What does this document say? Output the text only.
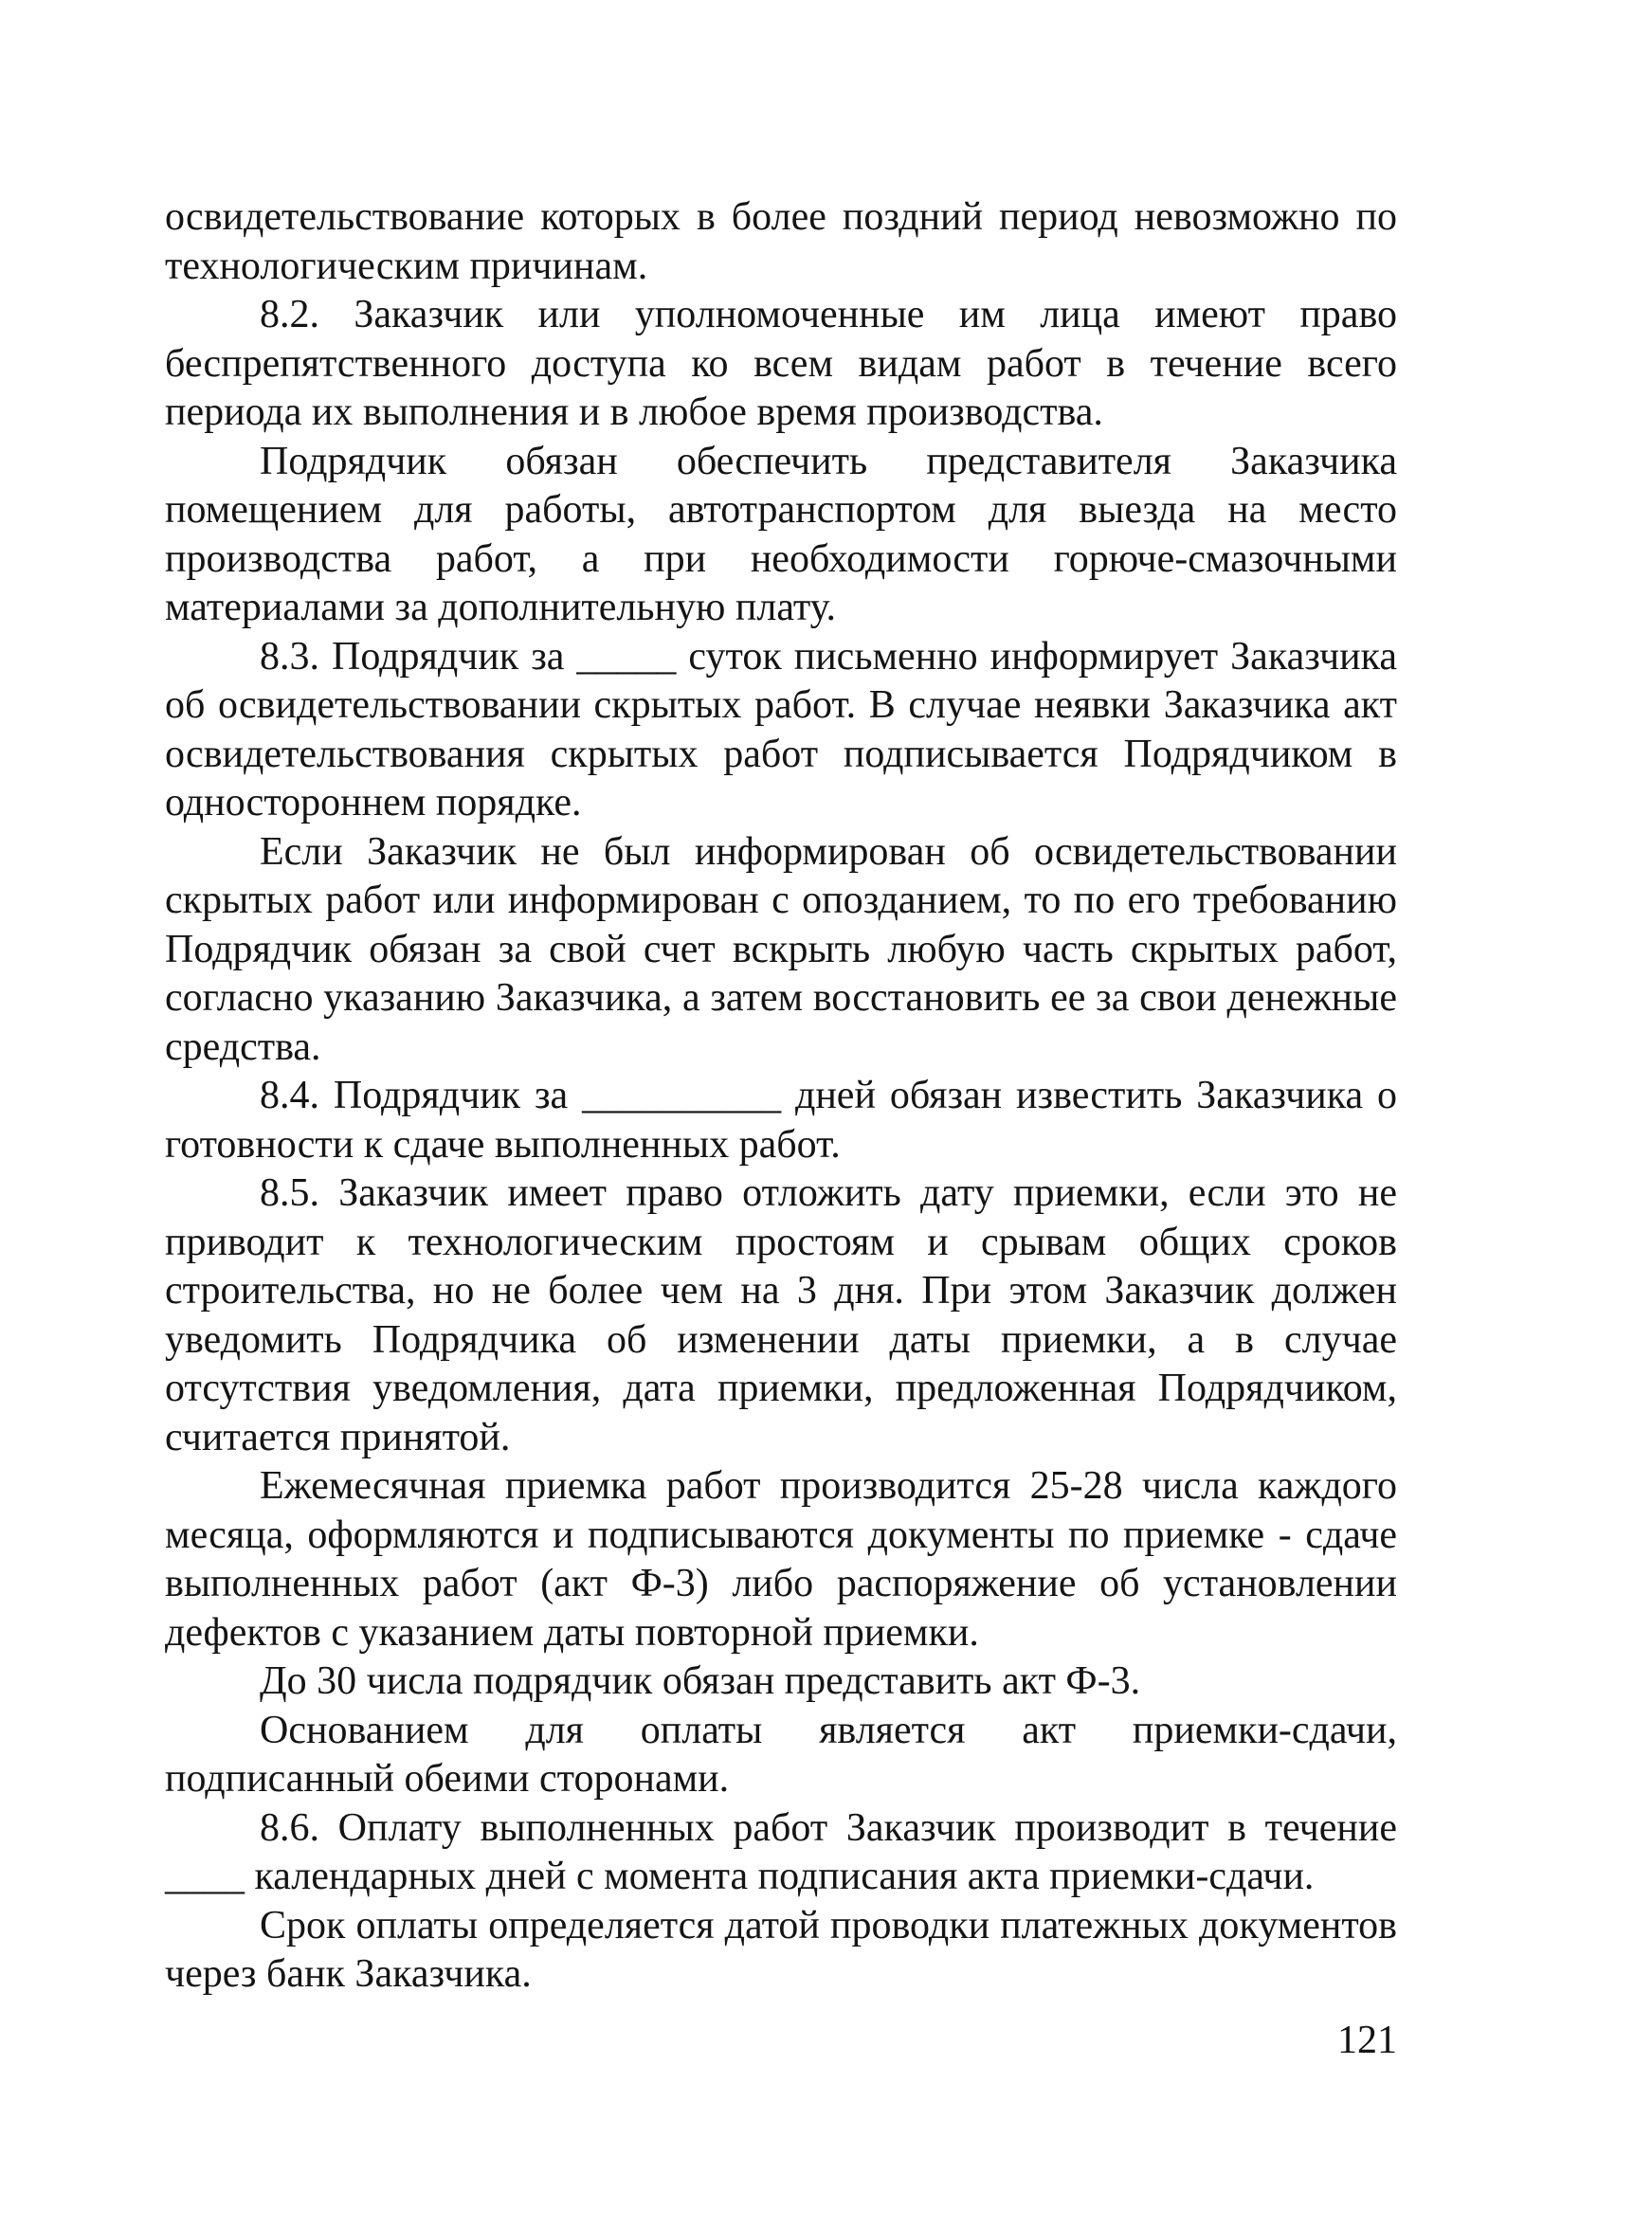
освидетельствование которых в более поздний период невозможно по технологическим причинам.

8.2. Заказчик или уполномоченные им лица имеют право беспрепятственного доступа ко всем видам работ в течение всего периода их выполнения и в любое время производства.

Подрядчик обязан обеспечить представителя Заказчика помещением для работы, автотранспортом для выезда на место производства работ, а при необходимости горюче-смазочными материалами за дополнительную плату.

8.3. Подрядчик за _____ суток письменно информирует Заказчика об освидетельствовании скрытых работ. В случае неявки Заказчика акт освидетельствования скрытых работ подписывается Подрядчиком в одностороннем порядке.

Если Заказчик не был информирован об освидетельствовании скрытых работ или информирован с опозданием, то по его требованию Подрядчик обязан за свой счет вскрыть любую часть скрытых работ, согласно указанию Заказчика, а затем восстановить ее за свои денежные средства.

8.4. Подрядчик за __________ дней обязан известить Заказчика о готовности к сдаче выполненных работ.

8.5. Заказчик имеет право отложить дату приемки, если это не приводит к технологическим простоям и срывам общих сроков строительства, но не более чем на 3 дня. При этом Заказчик должен уведомить Подрядчика об изменении даты приемки, а в случае отсутствия уведомления, дата приемки, предложенная Подрядчиком, считается принятой.

Ежемесячная приемка работ производится 25-28 числа каждого месяца, оформляются и подписываются документы по приемке - сдаче выполненных работ (акт Ф-3) либо распоряжение об установлении дефектов с указанием даты повторной приемки.

До 30 числа подрядчик обязан представить акт Ф-3.

Основанием для оплаты является акт приемки-сдачи, подписанный обеими сторонами.

8.6. Оплату выполненных работ Заказчик производит в течение ____ календарных дней с момента подписания акта приемки-сдачи.

Срок оплаты определяется датой проводки платежных документов через банк Заказчика.

121
